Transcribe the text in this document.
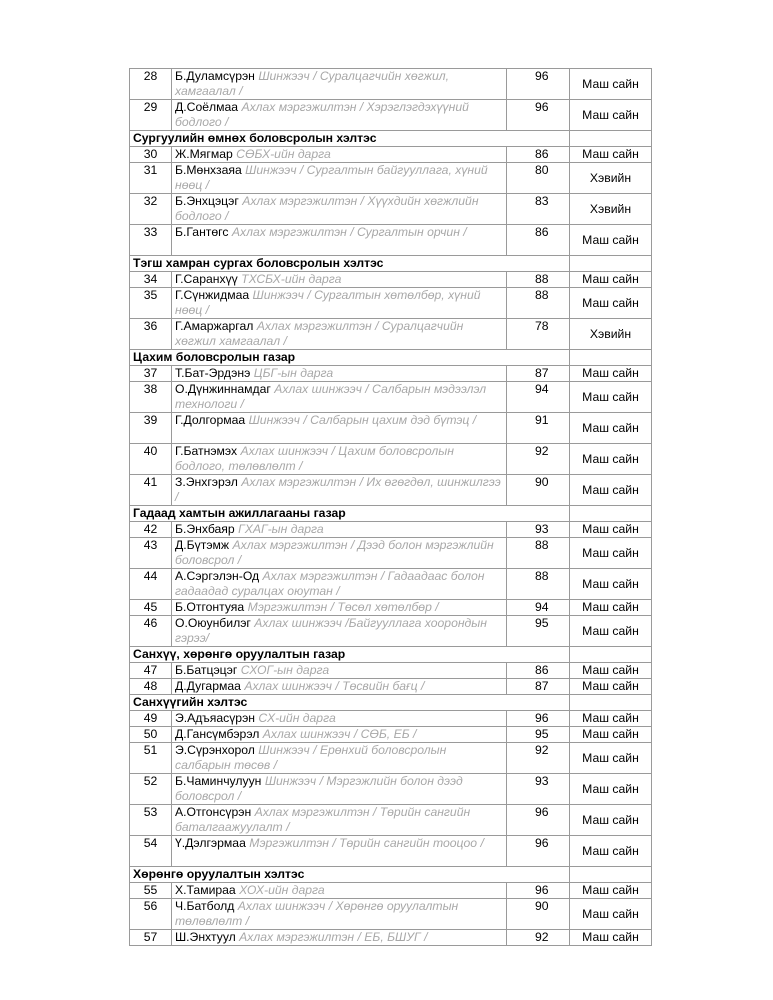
28	Б.Дуламсүрэн Шинжээч / Суралцагчийн хөгжил, хамгаалал /	96	Маш сайн
29	Д.Соёлмаа Ахлах мэргэжилтэн / Хэрэглэгдэхүүний бодлого /	96	Маш сайн
Сургуулийн өмнөх боловсролын хэлтэс			
30	Ж.Мягмар СӨБХ-ийн дарга	86	Маш сайн
31	Б.Мөнхзаяа Шинжээч / Сургалтын байгууллага, хүний нөөц /	80	Хэвийн
32	Б.Энхцэцэг Ахлах мэргэжилтэн / Хүүхдийн хөгжлийн бодлого /	83	Хэвийн
33	Б.Гантөгс Ахлах мэргэжилтэн / Сургалтын орчин /	86	Маш сайн
Тэгш хамран сургах боловсролын хэлтэс			
34	Г.Саранхүү ТХСБХ-ийн дарга	88	Маш сайн
35	Г.Сүнжидмаа Шинжээч / Сургалтын хөтөлбөр, хүний нөөц /	88	Маш сайн
36	Г.Амаржаргал Ахлах мэргэжилтэн / Суралцагчийн хөгжил хамгаалал /	78	Хэвийн
Цахим боловсролын газар			
37	Т.Бат-Эрдэнэ ЦБГ-ын дарга	87	Маш сайн
38	О.Дүнжиннамдаг Ахлах шинжээч / Салбарын мэдээлэл технологи /	94	Маш сайн
39	Г.Долгормаа Шинжээч / Салбарын цахим дэд бүтэц /	91	Маш сайн
40	Г.Батнэмэх Ахлах шинжээч / Цахим боловсролын бодлого, төлөвлөлт /	92	Маш сайн
41	З.Энхгэрэл Ахлах мэргэжилтэн / Их өгөгдөл, шинжилгээ /	90	Маш сайн
Гадаад хамтын ажиллагааны газар			
42	Б.Энхбаяр ГХАГ-ын дарга	93	Маш сайн
43	Д.Бүтэмж Ахлах мэргэжилтэн / Дээд болон мэргэжлийн боловсрол /	88	Маш сайн
44	А.Сэргэлэн-Од Ахлах мэргэжилтэн / Гадаадаас болон гадаадад суралцах оюутан /	88	Маш сайн
45	Б.Отгонтуяа Мэргэжилтэн / Төсөл хөтөлбөр /	94	Маш сайн
46	О.Оюунбилэг Ахлах шинжээч /Байгууллага хоорондын гэрээ/	95	Маш сайн
Санхүү, хөрөнгө оруулалтын газар			
47	Б.Батцэцэг СХОГ-ын дарга	86	Маш сайн
48	Д.Дугармаа Ахлах шинжээч / Төсвийн бағц /	87	Маш сайн
Санхүүгийн хэлтэс			
49	Э.Адъяасүрэн СХ-ийн дарга	96	Маш сайн
50	Д.Гансүмбэрэл Ахлах шинжээч / СӨБ, ЕБ /	95	Маш сайн
51	Э.Сүрэнхорол Шинжээч / Ерөнхий боловсролын салбарын төсөв /	92	Маш сайн
52	Б.Чаминчулуун Шинжээч / Мэргэжлийн болон дээд боловсрол /	93	Маш сайн
53	А.Отгонсүрэн Ахлах мэргэжилтэн / Төрийн сангийн баталгаажуулалт /	96	Маш сайн
54	Ү.Дэлгэрмаа Мэргэжилтэн / Төрийн сангийн тооцоо /	96	Маш сайн
Хөрөнгө оруулалтын хэлтэс			
55	Х.Тамираа ХОХ-ийн дарга	96	Маш сайн
56	Ч.Батболд Ахлах шинжээч / Хөрөнгө оруулалтын төлөвлөлт /	90	Маш сайн
57	Ш.Энхтуул Ахлах мэргэжилтэн / ЕБ, БШУГ /	92	Маш сайн
